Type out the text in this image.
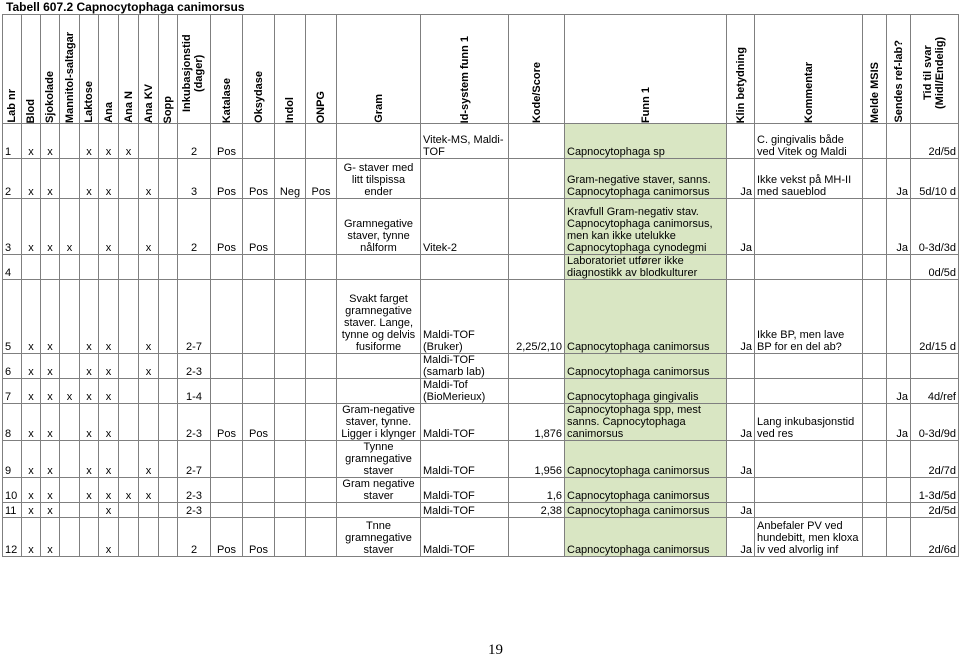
Tabell 607.2 Capnocytophaga canimorsus
Lab nr	Blod	Sjokolade	Mannitol-saltagar	Laktose	Ana	Ana N	Ana KV	Sopp	Inkubasjonstid (dager)	Katalase	Oksydase	Indol	ONPG	Gram	Id-system funn 1	Kode/Score	Funn 1	Klin betydning	Kommentar	Melde MSIS	Sendes ref-lab?	Tid til svar (Midl/Endelig)

1	x	x		x	x	x			2	Pos					Vitek-MS, Maldi-TOF		Capnocytophaga sp		C. gingivalis både ved Vitek og Maldi			2d/5d
2	x	x		x	x		x		3	Pos	Pos	Neg	Pos	G- staver med litt tilspissa ender			Gram-negative staver, sanns. Capnocytophaga canimorsus	Ja	Ikke vekst på MH-II med saueblod		Ja	5d/10 d
3	x	x	x		x		x		2	Pos	Pos			Gramnegative staver, tynne nålform	Vitek-2		Kravfull Gram-negativ stav. Capnocytophaga canimorsus, men kan ikke utelukke Capnocytophaga cynodegmi	Ja			Ja	0-3d/3d
4																	Laboratoriet utfører ikke diagnostikk av blodkulturer					0d/5d
5	x	x		x	x		x		2-7					Svakt farget gramnegative staver. Lange, tynne og delvis fusiforme	Maldi-TOF (Bruker)	2,25/2,10	Capnocytophaga canimorsus	Ja	Ikke BP, men lave BP for en del ab?			2d/15 d
6	x	x		x	x		x		2-3						Maldi-TOF (samarb lab)		Capnocytophaga canimorsus					
7	x	x	x	x	x				1-4						Maldi-Tof (BioMerieux)		Capnocytophaga gingivalis				Ja	4d/ref
8	x	x		x	x				2-3	Pos	Pos			Gram-negative staver, tynne. Ligger i klynger	Maldi-TOF	1,876	Capnocytophaga spp, mest sanns. Capnocytophaga canimorsus	Ja	Lang inkubasjonstid ved res		Ja	0-3d/9d
9	x	x		x	x		x		2-7					Tynne gramnegative staver	Maldi-TOF	1,956	Capnocytophaga canimorsus	Ja				2d/7d
10	x	x		x	x	x	x		2-3					Gram negative staver	Maldi-TOF	1,6	Capnocytophaga canimorsus					1-3d/5d
11	x	x			x				2-3						Maldi-TOF	2,38	Capnocytophaga canimorsus	Ja				2d/5d
12	x	x			x				2	Pos	Pos			Tnne gramnegative staver	Maldi-TOF		Capnocytophaga canimorsus	Ja	Anbefaler PV ved hundebitt, men kloxa iv ved alvorlig inf			2d/6d
19
